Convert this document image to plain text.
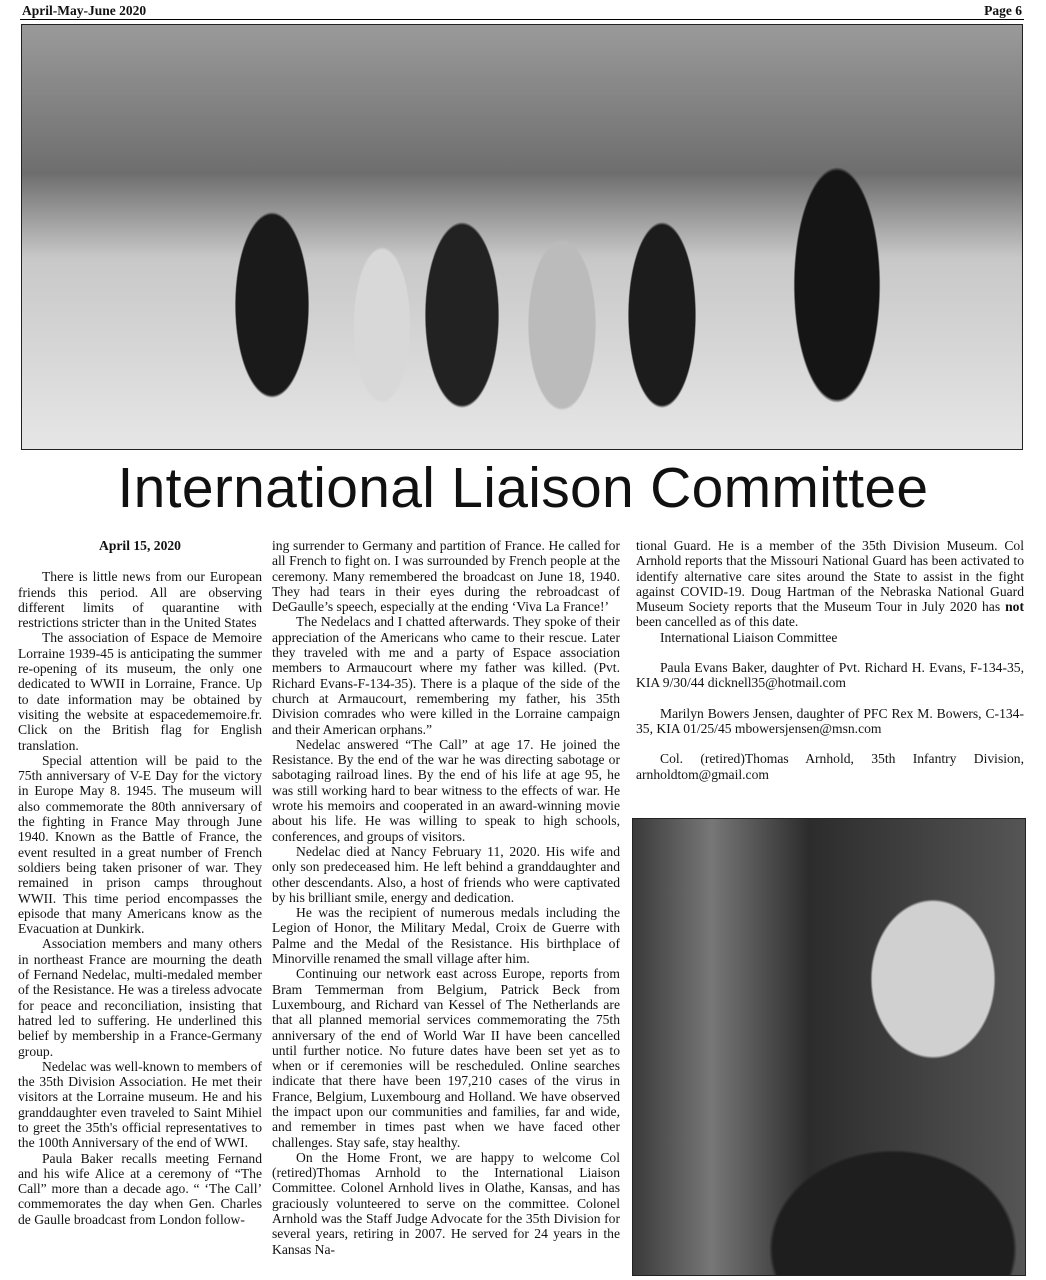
April-May-June 2020	Page 6
International Liaison Committee
April 15, 2020

There is little news from our European friends this period. All are observing different limits of quarantine with restrictions stricter than in the United States

The association of Espace de Memoire Lorraine 1939-45 is anticipating the summer re-opening of its museum, the only one dedicated to WWII in Lorraine, France. Up to date information may be obtained by visiting the website at espacedememoire.fr. Click on the British flag for English translation.

Special attention will be paid to the 75th anniversary of V-E Day for the victory in Europe May 8. 1945. The museum will also commemorate the 80th anniversary of the fighting in France May through June 1940. Known as the Battle of France, the event resulted in a great number of French soldiers being taken prisoner of war. They remained in prison camps throughout WWII. This time period encompasses the episode that many Americans know as the Evacuation at Dunkirk.

Association members and many others in northeast France are mourning the death of Fernand Nedelac, multi-medaled member of the Resistance. He was a tireless advocate for peace and reconciliation, insisting that hatred led to suffering. He underlined this belief by membership in a France-Germany group.

Nedelac was well-known to members of the 35th Division Association. He met their visitors at the Lorraine museum. He and his granddaughter even traveled to Saint Mihiel to greet the 35th's official representatives to the 100th Anniversary of the end of WWI.

Paula Baker recalls meeting Fernand and his wife Alice at a ceremony of “The Call” more than a decade ago. “ ‘The Call’ commemorates the day when Gen. Charles de Gaulle broadcast from London follow-

ing surrender to Germany and partition of France. He called for all French to fight on. I was surrounded by French people at the ceremony. Many remembered the broadcast on June 18, 1940. They had tears in their eyes during the rebroadcast of DeGaulle’s speech, especially at the ending ‘Viva La France!’

The Nedelacs and I chatted afterwards. They spoke of their appreciation of the Americans who came to their rescue. Later they traveled with me and a party of Espace association members to Armaucourt where my father was killed. (Pvt. Richard Evans-F-134-35). There is a plaque of the side of the church at Armaucourt, remembering my father, his 35th Division comrades who were killed in the Lorraine campaign and their American orphans.”

Nedelac answered “The Call” at age 17. He joined the Resistance. By the end of the war he was directing sabotage or sabotaging railroad lines. By the end of his life at age 95, he was still working hard to bear witness to the effects of war. He wrote his memoirs and cooperated in an award-winning movie about his life. He was willing to speak to high schools, conferences, and groups of visitors.

Nedelac died at Nancy February 11, 2020. His wife and only son predeceased him. He left behind a granddaughter and other descendants. Also, a host of friends who were captivated by his brilliant smile, energy and dedication.

He was the recipient of numerous medals including the Legion of Honor, the Military Medal, Croix de Guerre with Palme and the Medal of the Resistance. His birthplace of Minorville renamed the small village after him.

Continuing our network east across Europe, reports from Bram Temmerman from Belgium, Patrick Beck from Luxembourg, and Richard van Kessel of The Netherlands are that all planned memorial services commemorating the 75th anniversary of the end of World War II have been cancelled until further notice. No future dates have been set yet as to when or if ceremonies will be rescheduled. Online searches indicate that there have been 197,210 cases of the virus in France, Belgium, Luxembourg and Holland. We have observed the impact upon our communities and families, far and wide, and remember in times past when we have faced other challenges. Stay safe, stay healthy.

On the Home Front, we are happy to welcome Col (retired)Thomas Arnhold to the International Liaison Committee. Colonel Arnhold lives in Olathe, Kansas, and has graciously volunteered to serve on the committee. Colonel Arnhold was the Staff Judge Advocate for the 35th Division for several years, retiring in 2007. He served for 24 years in the Kansas Na-

tional Guard. He is a member of the 35th Division Museum. Col Arnhold reports that the Missouri National Guard has been activated to identify alternative care sites around the State to assist in the fight against COVID-19. Doug Hartman of the Nebraska National Guard Museum Society reports that the Museum Tour in July 2020 has not been cancelled as of this date.

International Liaison Committee

Paula Evans Baker, daughter of Pvt. Richard H. Evans, F-134-35, KIA 9/30/44 dicknell35@hotmail.com

Marilyn Bowers Jensen, daughter of PFC Rex M. Bowers, C-134-35, KIA 01/25/45 mbowersjensen@msn.com

Col. (retired)Thomas Arnhold, 35th Infantry Division, arnholdtom@gmail.com
